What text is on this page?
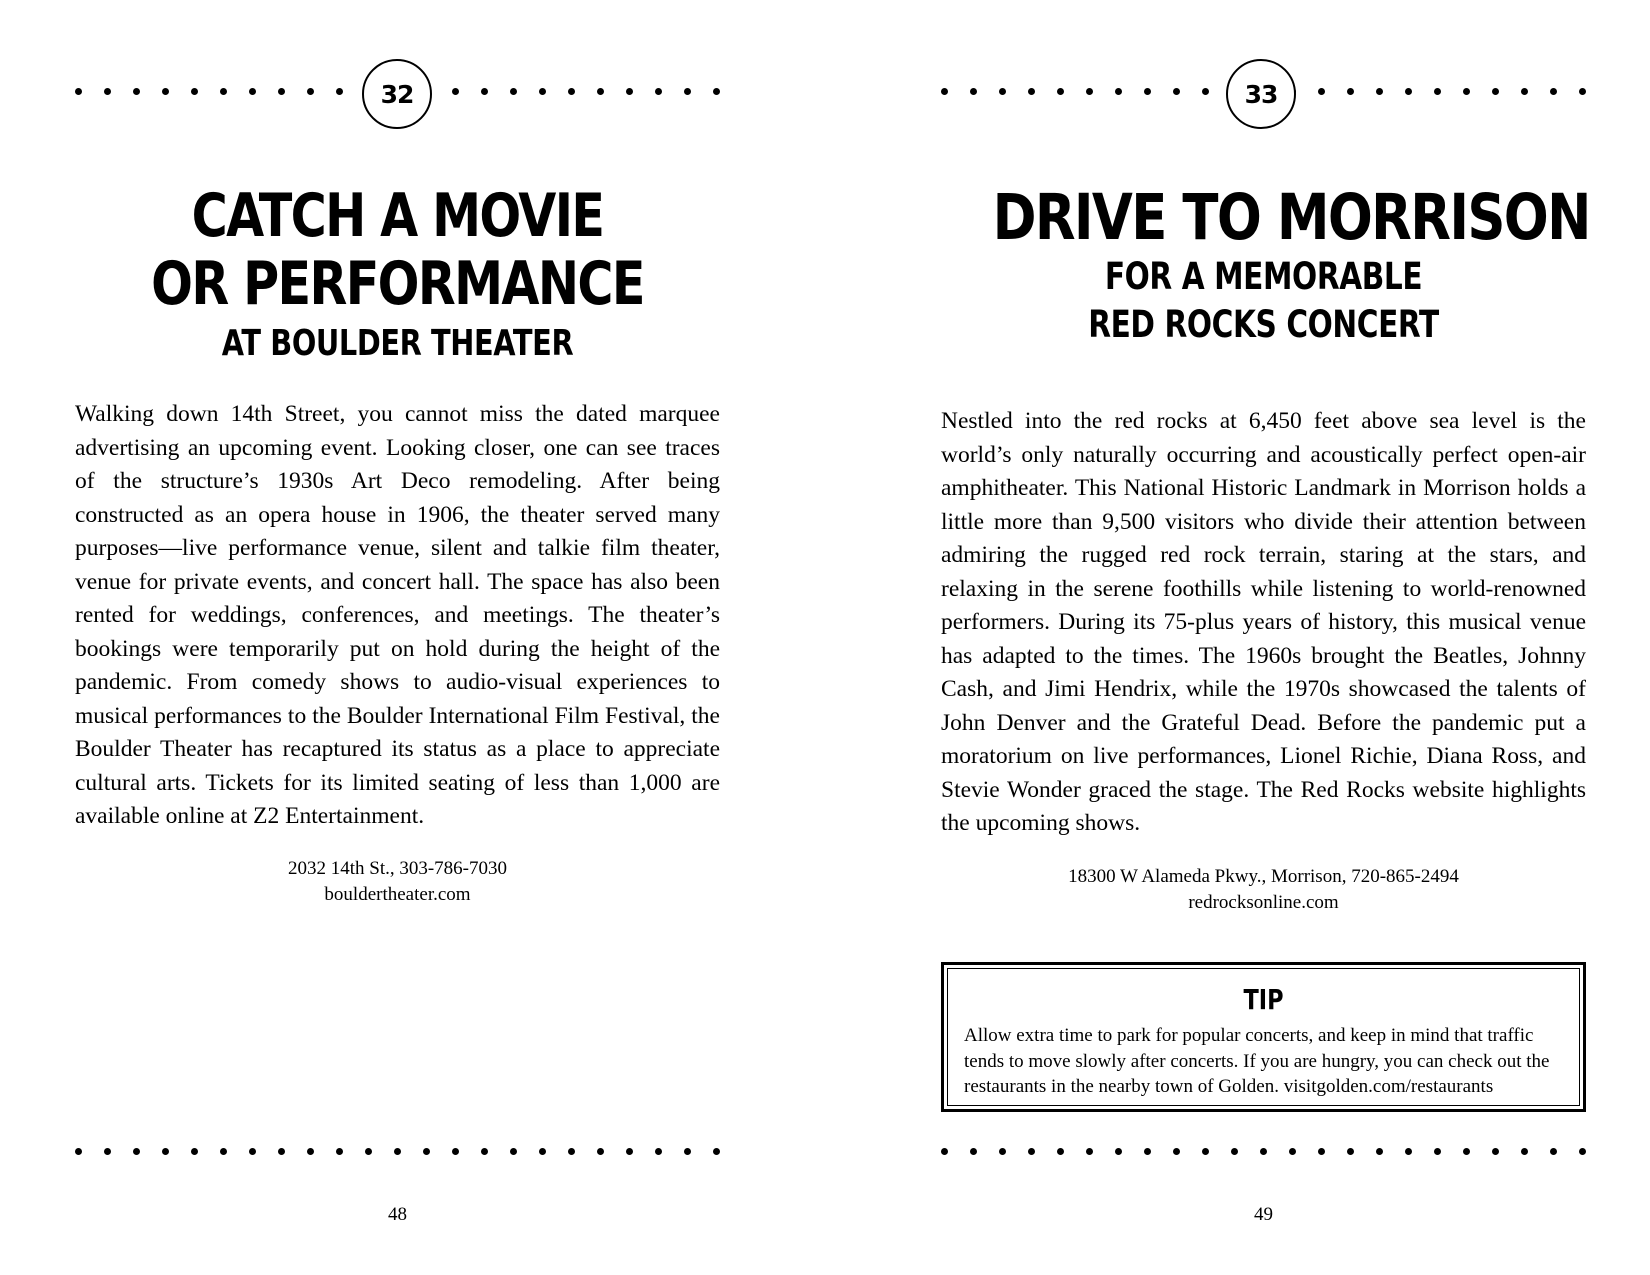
32
CATCH A MOVIE
OR PERFORMANCE
AT BOULDER THEATER

Walking down 14th Street, you cannot miss the dated marquee advertising an upcoming event. Looking closer, one can see traces of the structure’s 1930s Art Deco remodeling. After being constructed as an opera house in 1906, the theater served many purposes—live performance venue, silent and talkie film theater, venue for private events, and concert hall. The space has also been rented for weddings, conferences, and meetings. The theater’s bookings were temporarily put on hold during the height of the pandemic. From comedy shows to audio-visual experiences to musical performances to the Boulder International Film Festival, the Boulder Theater has recaptured its status as a place to appreciate cultural arts. Tickets for its limited seating of less than 1,000 are available online at Z2 Entertainment.

2032 14th St., 303-786-7030
bouldertheater.com
48
33
DRIVE TO MORRISON
FOR A MEMORABLE
RED ROCKS CONCERT

Nestled into the red rocks at 6,450 feet above sea level is the world’s only naturally occurring and acoustically perfect open-air amphitheater. This National Historic Landmark in Morrison holds a little more than 9,500 visitors who divide their attention between admiring the rugged red rock terrain, staring at the stars, and relaxing in the serene foothills while listening to world-renowned performers. During its 75-plus years of history, this musical venue has adapted to the times. The 1960s brought the Beatles, Johnny Cash, and Jimi Hendrix, while the 1970s showcased the talents of John Denver and the Grateful Dead. Before the pandemic put a moratorium on live performances, Lionel Richie, Diana Ross, and Stevie Wonder graced the stage. The Red Rocks website highlights the upcoming shows.

18300 W Alameda Pkwy., Morrison, 720-865-2494
redrocksonline.com
TIP
Allow extra time to park for popular concerts, and keep in mind that traffic tends to move slowly after concerts. If you are hungry, you can check out the restaurants in the nearby town of Golden. visitgolden.com/restaurants
49
